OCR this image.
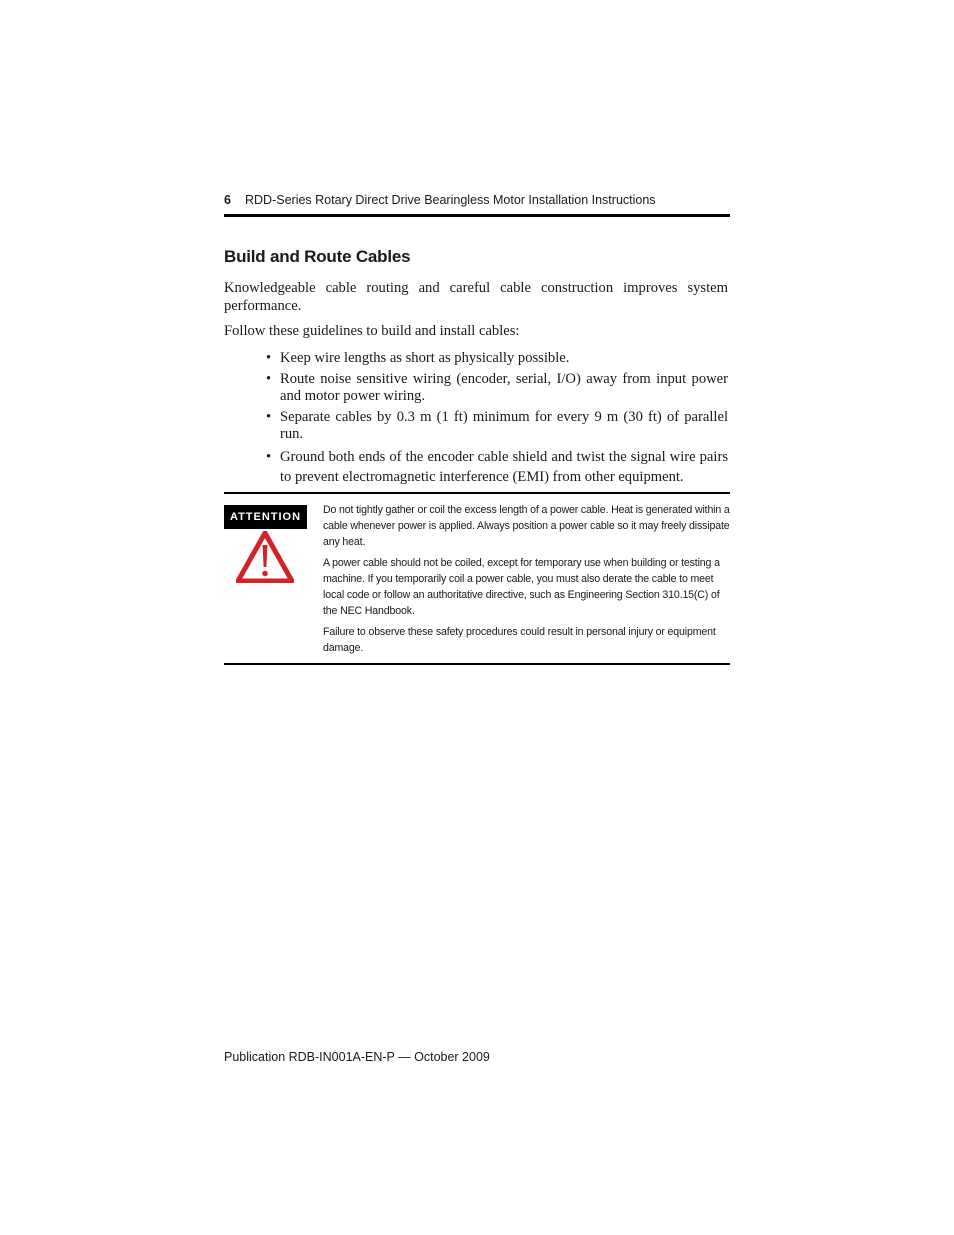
6 RDD-Series Rotary Direct Drive Bearingless Motor Installation Instructions
Build and Route Cables

Knowledgeable cable routing and careful cable construction improves system performance.

Follow these guidelines to build and install cables:

• Keep wire lengths as short as physically possible.
• Route noise sensitive wiring (encoder, serial, I/O) away from input power and motor power wiring.
• Separate cables by 0.3 m (1 ft) minimum for every 9 m (30 ft) of parallel run.
• Ground both ends of the encoder cable shield and twist the signal wire pairs to prevent electromagnetic interference (EMI) from other equipment.
ATTENTION

Do not tightly gather or coil the excess length of a power cable. Heat is generated within a cable whenever power is applied. Always position a power cable so it may freely dissipate any heat.

A power cable should not be coiled, except for temporary use when building or testing a machine. If you temporarily coil a power cable, you must also derate the cable to meet local code or follow an authoritative directive, such as Engineering Section 310.15(C) of the NEC Handbook.

Failure to observe these safety procedures could result in personal injury or equipment damage.

Publication RDB-IN001A-EN-P — October 2009
